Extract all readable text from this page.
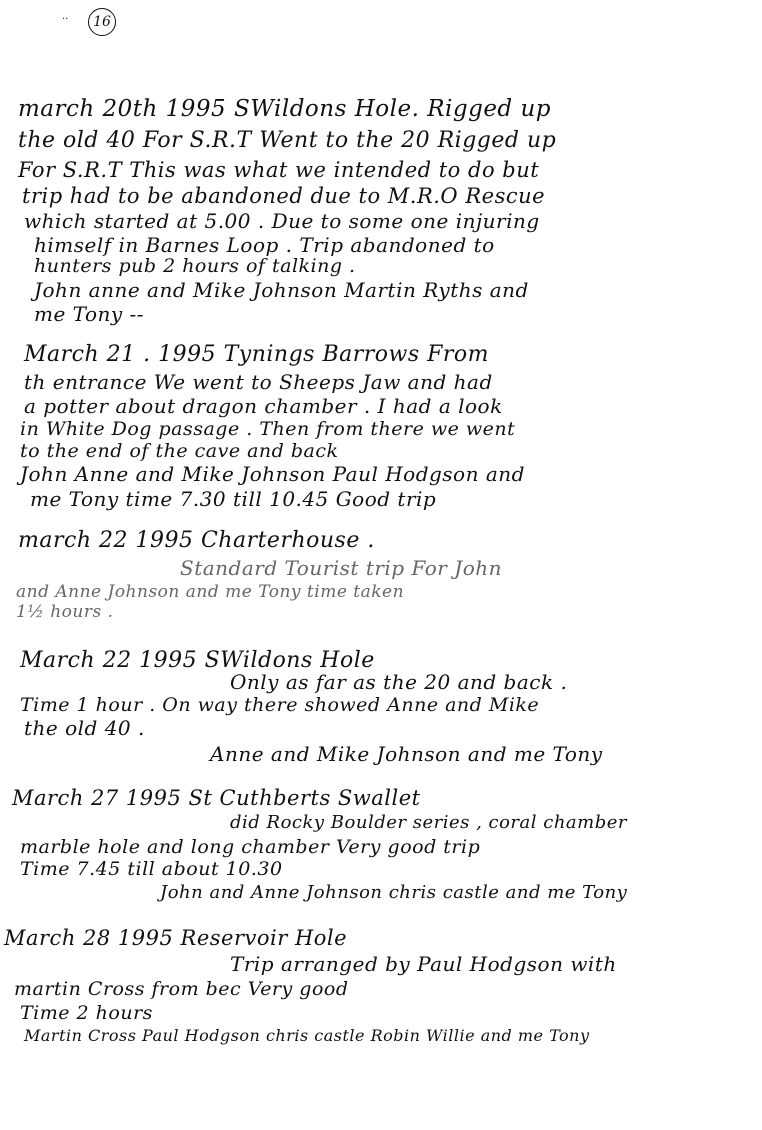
··	16
march 20th 1995 SWildons Hole. Rigged up
the old 40 For S.R.T Went to the 20 Rigged up
For S.R.T This was what we intended to do but
trip had to be abandoned due to M.R.O Rescue
which started at 5.00 . Due to some one injuring
himself in Barnes Loop . Trip abandoned to
hunters pub 2 hours of talking .
John anne and Mike Johnson Martin Ryths and
me Tony --
March 21 . 1995 Tynings Barrows From
th entrance We went to Sheeps Jaw and had
a potter about dragon chamber . I had a look
in White Dog passage . Then from there we went
to the end of the cave and back
John Anne and Mike Johnson Paul Hodgson and
me Tony time 7.30 till 10.45 Good trip
march 22 1995 Charterhouse .
Standard Tourist trip For John
and Anne Johnson and me Tony time taken
1½ hours .
March 22 1995 SWildons Hole
Only as far as the 20 and back .
Time 1 hour . On way there showed Anne and Mike
the old 40 .
Anne and Mike Johnson and me Tony
March 27 1995 St Cuthberts Swallet
did Rocky Boulder series , coral chamber
marble hole and long chamber Very good trip
Time 7.45 till about 10.30
John and Anne Johnson chris castle and me Tony
March 28 1995 Reservoir Hole
Trip arranged by Paul Hodgson with
martin Cross from bec Very good
Time 2 hours
Martin Cross Paul Hodgson chris castle Robin Willie and me Tony
